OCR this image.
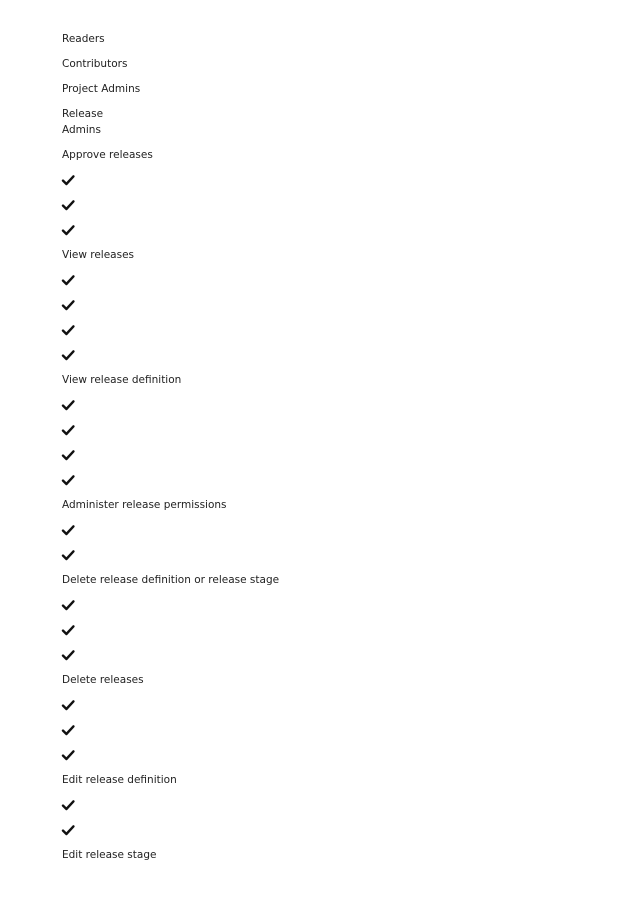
Readers
Contributors
Project Admins
Release
Admins
Approve releases
View releases
View release definition
Administer release permissions
Delete release definition or release stage
Delete releases
Edit release definition
Edit release stage
